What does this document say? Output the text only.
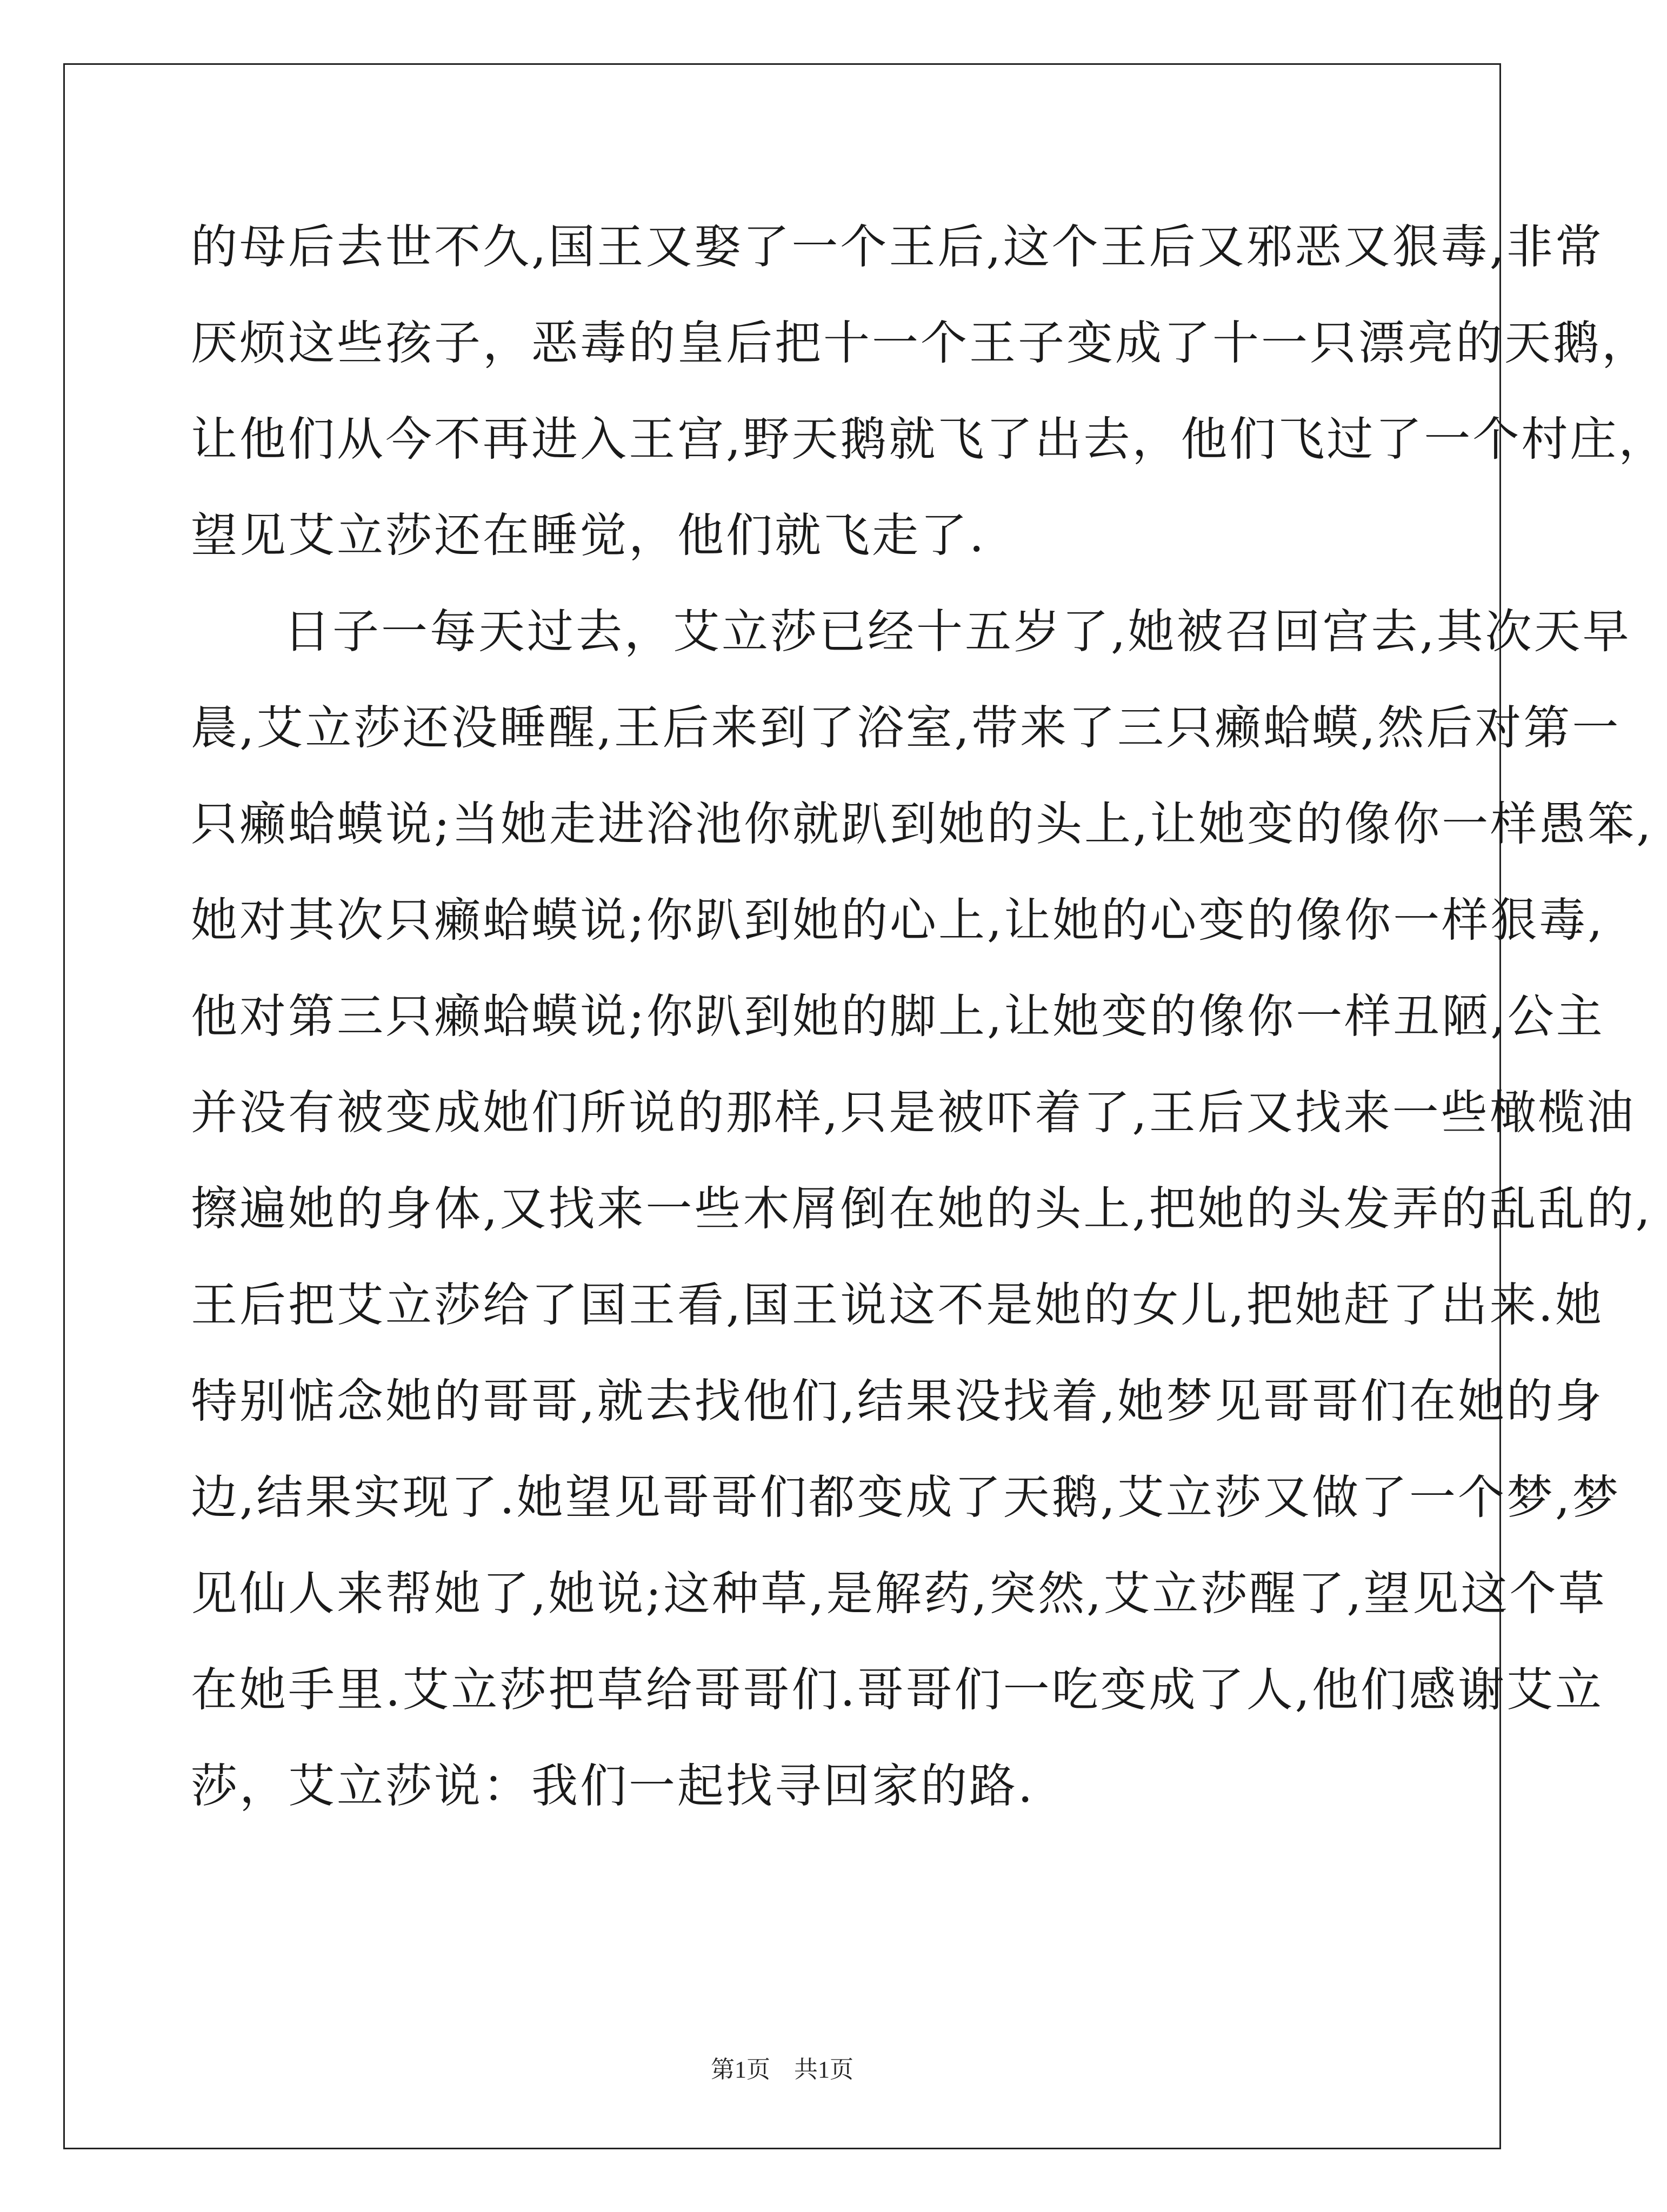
的母后去世不久,国王又娶了一个王后,这个王后又邪恶又狠毒,非常
厌烦这些孩子，恶毒的皇后把十一个王子变成了十一只漂亮的天鹅，
让他们从今不再进入王宫,野天鹅就飞了出去，他们飞过了一个村庄，
望见艾立莎还在睡觉，他们就飞走了.
日子一每天过去，艾立莎已经十五岁了,她被召回宫去,其次天早
晨,艾立莎还没睡醒,王后来到了浴室,带来了三只癞蛤蟆,然后对第一
只癞蛤蟆说;当她走进浴池你就趴到她的头上,让她变的像你一样愚笨,
她对其次只癞蛤蟆说;你趴到她的心上,让她的心变的像你一样狠毒,
他对第三只癞蛤蟆说;你趴到她的脚上,让她变的像你一样丑陋,公主
并没有被变成她们所说的那样,只是被吓着了,王后又找来一些橄榄油
擦遍她的身体,又找来一些木屑倒在她的头上,把她的头发弄的乱乱的,
王后把艾立莎给了国王看,国王说这不是她的女儿,把她赶了出来.她
特别惦念她的哥哥,就去找他们,结果没找着,她梦见哥哥们在她的身
边,结果实现了.她望见哥哥们都变成了天鹅,艾立莎又做了一个梦,梦
见仙人来帮她了,她说;这种草,是解药,突然,艾立莎醒了,望见这个草
在她手里.艾立莎把草给哥哥们.哥哥们一吃变成了人,他们感谢艾立
莎，艾立莎说：我们一起找寻回家的路.
第1页　共1页
